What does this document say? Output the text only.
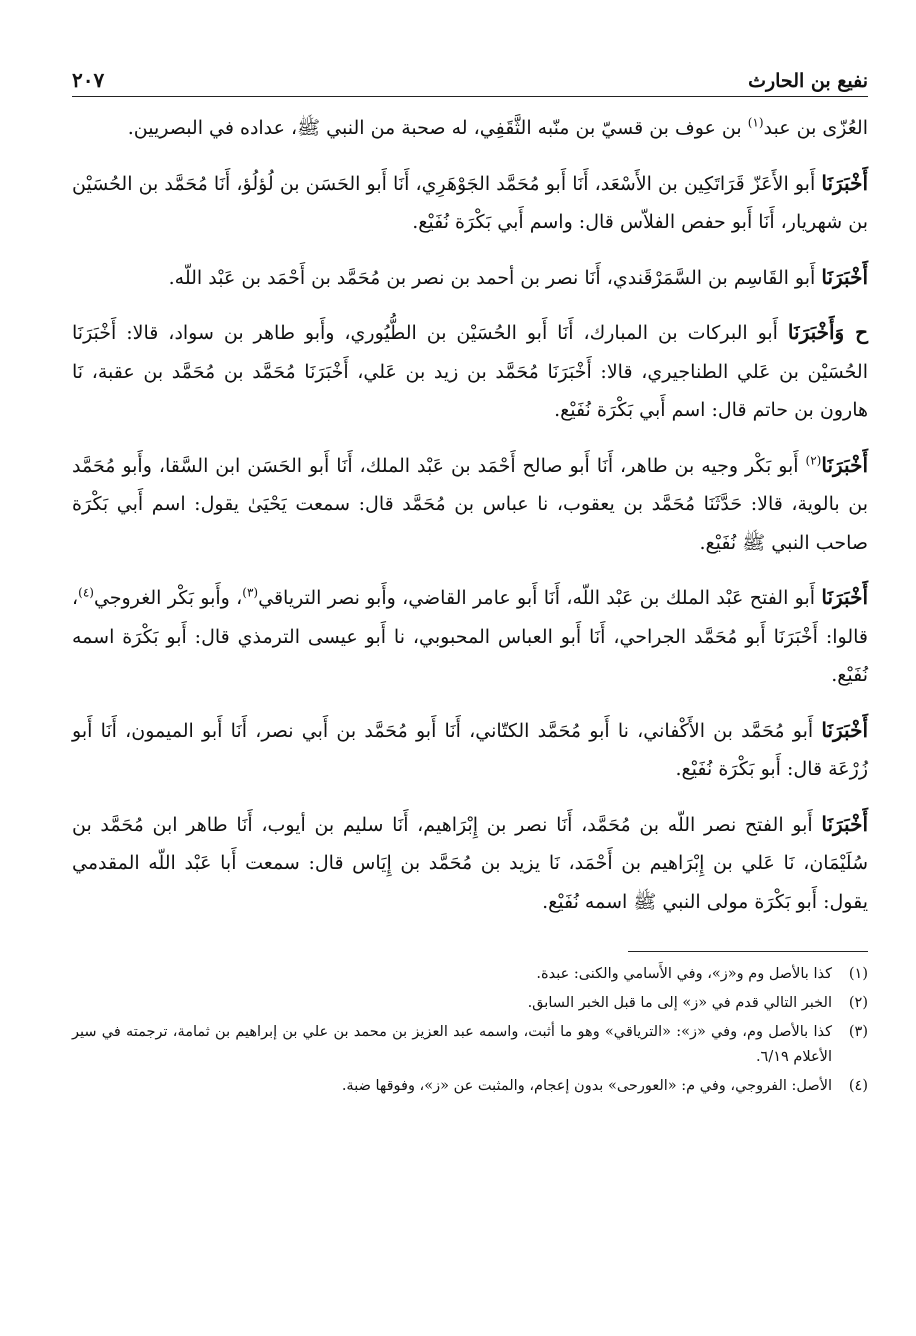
نفيع بن الحارث
٢٠٧

العُزّى بن عبد$^{(١)}$ بن عوف بن قسيّ بن منّبه الثَّقَفِي، له صحبة من النبي ﷺ، عداده في البصريين.

أَخْبَرَنَا أَبو الأَعَزّ قَرَاتَكِين بن الأَسْعَد، أَنَا أَبو مُحَمَّد الجَوْهَرِي، أَنَا أَبو الحَسَن بن لُؤلُؤ، أَنَا مُحَمَّد بن الحُسَيْن بن شهريار، أَنَا أَبو حفص الفلاّس قال: واسم أَبي بَكْرَة نُفَيْع.

أَخْبَرَنَا أَبو القَاسِم بن السَّمَرْقَندي، أَنَا نصر بن أحمد بن نصر بن مُحَمَّد بن أَحْمَد بن عَبْد اللّه.

ح وَأَخْبَرَنَا أَبو البركات بن المبارك، أَنَا أَبو الحُسَيْن بن الطُّيُوري، وأَبو طاهر بن سواد، قالا: أَخْبَرَنَا الحُسَيْن بن عَلي الطناجيري، قالا: أَخْبَرَنَا مُحَمَّد بن زيد بن عَلي، أَخْبَرَنَا مُحَمَّد بن مُحَمَّد بن عقبة، نَا هارون بن حاتم قال: اسم أَبي بَكْرَة نُفَيْع.

أَخْبَرَنَا$^{(٢)}$ أَبو بَكْر وجيه بن طاهر، أَنَا أَبو صالح أَحْمَد بن عَبْد الملك، أَنَا أَبو الحَسَن ابن السَّقا، وأَبو مُحَمَّد بن بالوية، قالا: حَدَّثَنَا مُحَمَّد بن يعقوب، نا عباس بن مُحَمَّد قال: سمعت يَحْيَىٰ يقول: اسم أَبي بَكْرَة صاحب النبي ﷺ نُفَيْع.

أَخْبَرَنَا أَبو الفتح عَبْد الملك بن عَبْد اللّه، أَنَا أَبو عامر القاضي، وأَبو نصر الترياقي$^{(٣)}$، وأَبو بَكْر الغروجي$^{(٤)}$، قالوا: أَخْبَرَنَا أَبو مُحَمَّد الجراحي، أَنَا أَبو العباس المحبوبي، نا أَبو عيسى الترمذي قال: أَبو بَكْرَة اسمه نُفَيْع.

أَخْبَرَنَا أَبو مُحَمَّد بن الأَكْفاني، نا أَبو مُحَمَّد الكتّاني، أَنَا أَبو مُحَمَّد بن أَبي نصر، أَنَا أَبو الميمون، أَنَا أَبو زُرْعَة قال: أَبو بَكْرَة نُفَيْع.

أَخْبَرَنَا أَبو الفتح نصر اللّه بن مُحَمَّد، أَنَا نصر بن إِبْرَاهيم، أَنَا سليم بن أيوب، أَنَا طاهر ابن مُحَمَّد بن سُلَيْمَان، نَا عَلي بن إِبْرَاهيم بن أَحْمَد، نَا يزيد بن مُحَمَّد بن إِيَاس قال: سمعت أَبا عَبْد اللّه المقدمي يقول: أَبو بَكْرَة مولى النبي ﷺ اسمه نُفَيْع.

(١)
كذا بالأصل وم و«ز»، وفي الأَسامي والكنى: عبدة.
(٢)
الخبر التالي قدم في «ز» إلى ما قبل الخبر السابق.
(٣)
كذا بالأصل وم، وفي «ز»: «الترياقي» وهو ما أثبت، واسمه عبد العزيز بن محمد بن علي بن إبراهيم بن ثمامة، ترجمته في سير الأعلام ٦/١٩.
(٤)
الأصل: الفروجي، وفي م: «العورحى» بدون إعجام، والمثبت عن «ز»، وفوقها ضبة.
